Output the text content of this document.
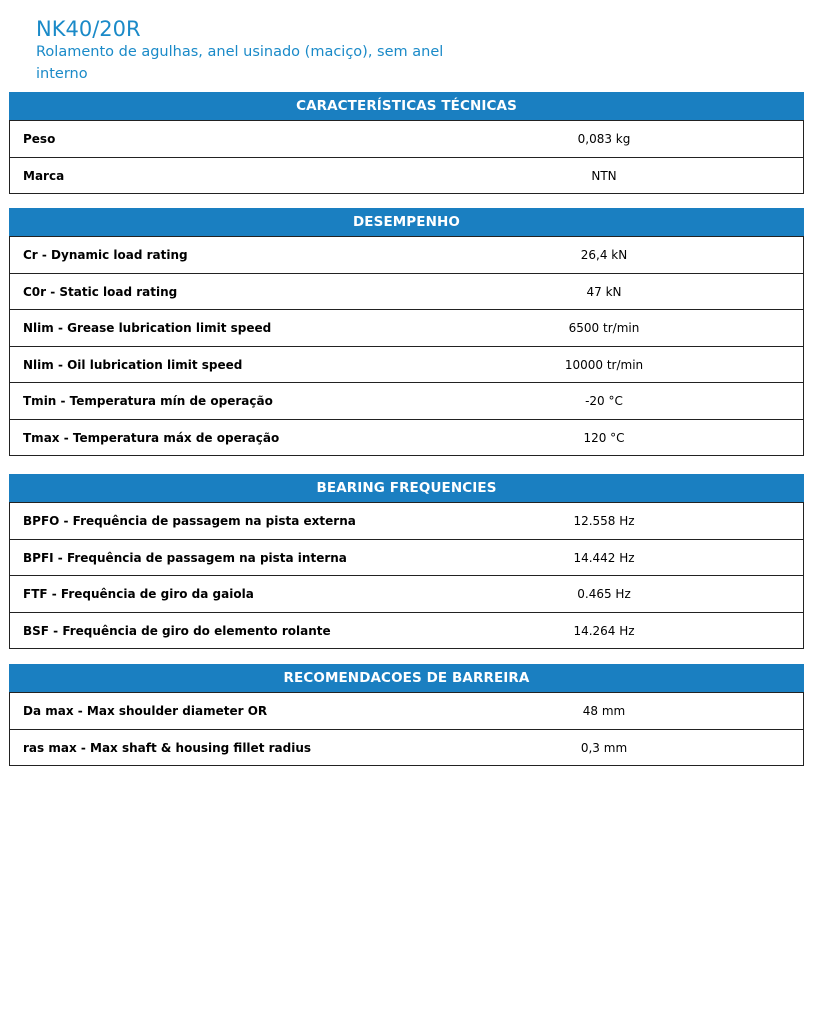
NK40/20R
Rolamento de agulhas, anel usinado (maciço), sem anel interno
CARACTERÍSTICAS TÉCNICAS
Peso	0,083 kg
Marca	NTN
DESEMPENHO
Cr - Dynamic load rating	26,4 kN
C0r - Static load rating	47 kN
Nlim - Grease lubrication limit speed	6500 tr/min
Nlim - Oil lubrication limit speed	10000 tr/min
Tmin - Temperatura mín de operação	-20 °C
Tmax - Temperatura máx de operação	120 °C
BEARING FREQUENCIES
BPFO - Frequência de passagem na pista externa	12.558 Hz
BPFI - Frequência de passagem na pista interna	14.442 Hz
FTF - Frequência de giro da gaiola	0.465 Hz
BSF - Frequência de giro do elemento rolante	14.264 Hz
RECOMENDACOES DE BARREIRA
Da max - Max shoulder diameter OR	48 mm
ras max - Max shaft & housing fillet radius	0,3 mm
